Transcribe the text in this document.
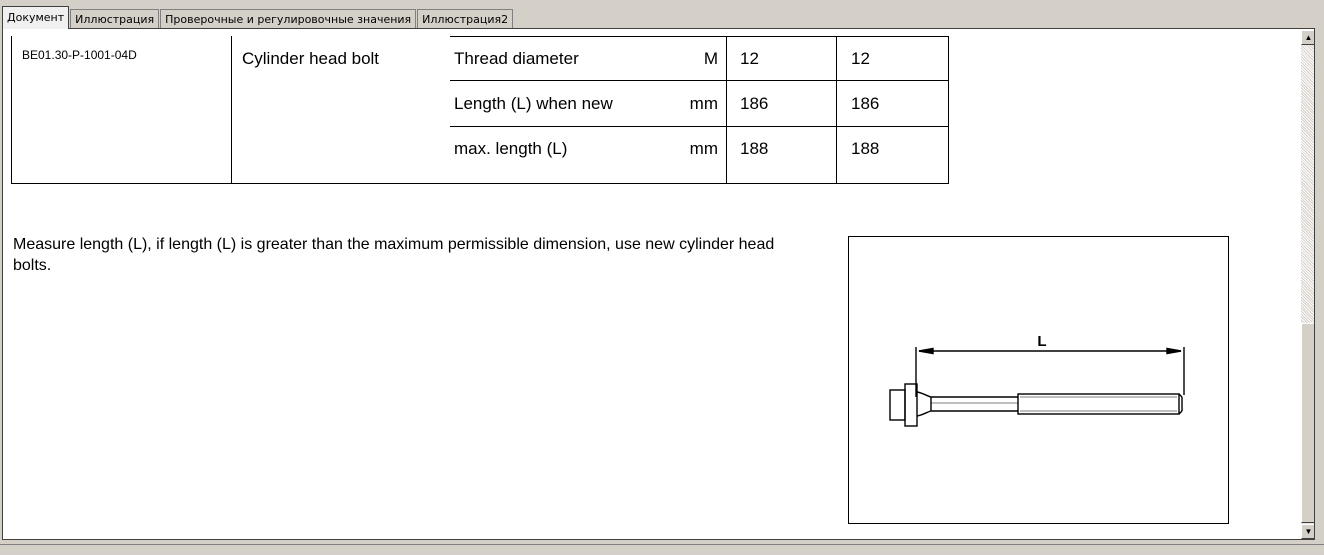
Документ	Иллюстрация	Проверочные и регулировочные значения	Иллюстрация2
BE01.30-P-1001-04D	Cylinder head bolt	Thread diameter	M 12	12
Length (L) when new	mm 186	186
max. length (L)	mm 188	188
Measure length (L), if length (L) is greater than the maximum permissible dimension, use new cylinder head bolts.
L
▲
▼
